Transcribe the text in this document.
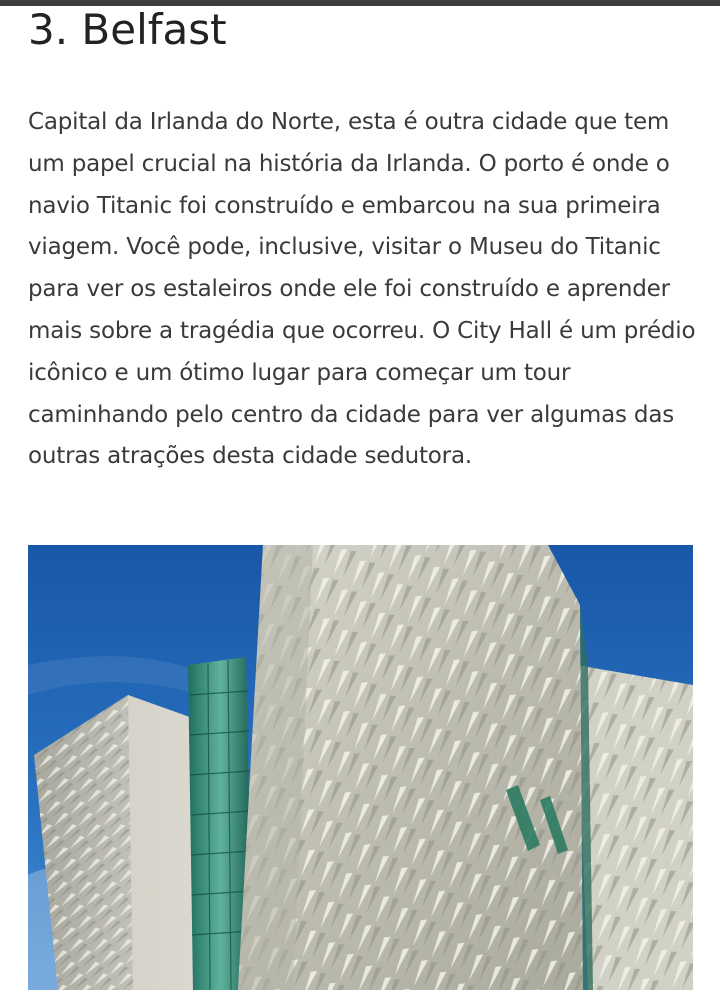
3. Belfast

Capital da Irlanda do Norte, esta é outra cidade que tem um papel crucial na história da Irlanda. O porto é onde o navio Titanic foi construído e embarcou na sua primeira viagem. Você pode, inclusive, visitar o Museu do Titanic para ver os estaleiros onde ele foi construído e aprender mais sobre a tragédia que ocorreu. O City Hall é um prédio icônico e um ótimo lugar para começar um tour caminhando pelo centro da cidade para ver algumas das outras atrações desta cidade sedutora.
